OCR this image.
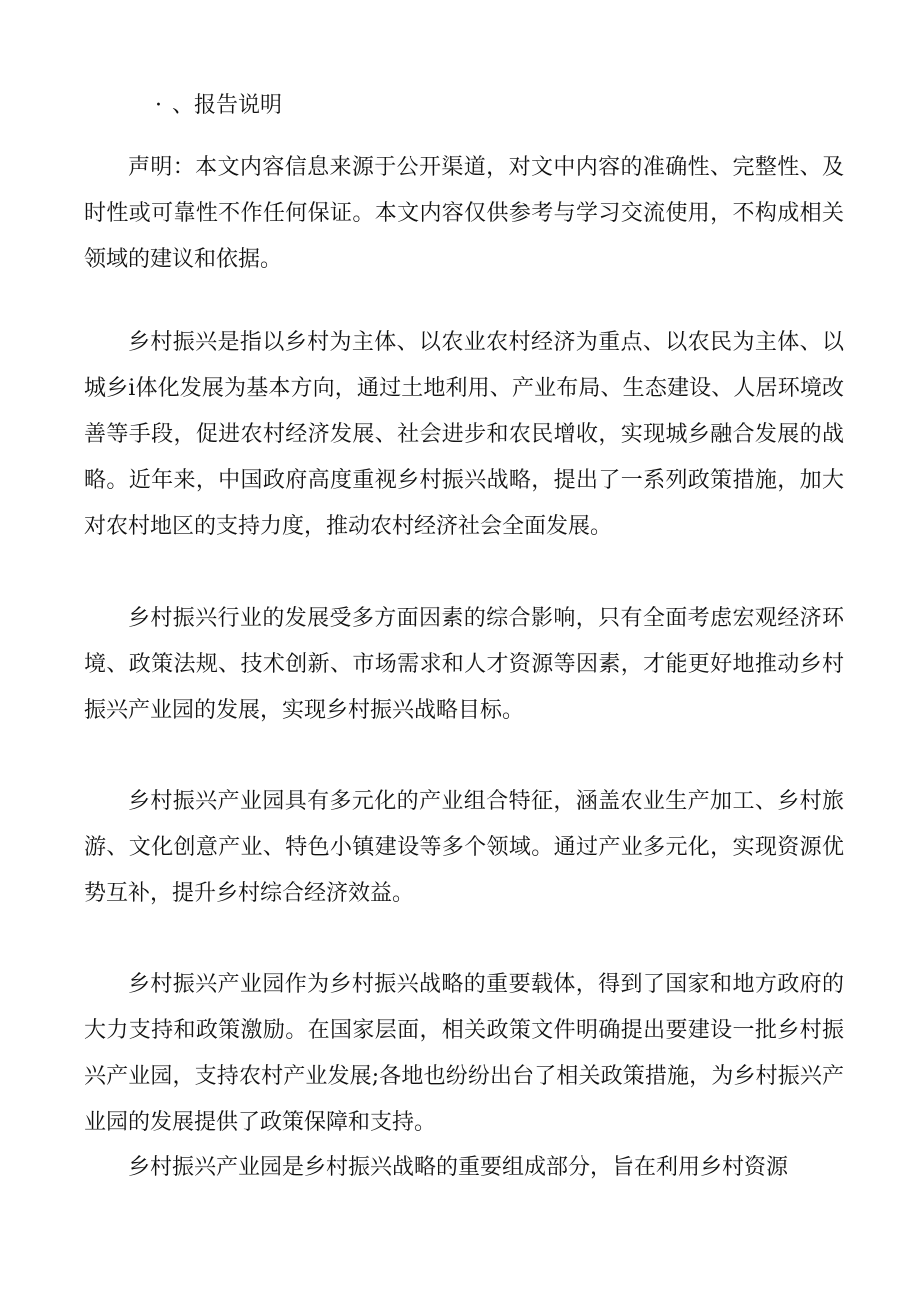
· 、报告说明

声明：本文内容信息来源于公开渠道，对文中内容的准确性、完整性、及时性或可靠性不作任何保证。本文内容仅供参考与学习交流使用，不构成相关领域的建议和依据。

乡村振兴是指以乡村为主体、以农业农村经济为重点、以农民为主体、以城乡i体化发展为基本方向，通过土地利用、产业布局、生态建设、人居环境改善等手段，促进农村经济发展、社会进步和农民增收，实现城乡融合发展的战略。近年来，中国政府高度重视乡村振兴战略，提出了一系列政策措施，加大对农村地区的支持力度，推动农村经济社会全面发展。

乡村振兴行业的发展受多方面因素的综合影响，只有全面考虑宏观经济环境、政策法规、技术创新、市场需求和人才资源等因素，才能更好地推动乡村振兴产业园的发展，实现乡村振兴战略目标。

乡村振兴产业园具有多元化的产业组合特征，涵盖农业生产加工、乡村旅游、文化创意产业、特色小镇建设等多个领域。通过产业多元化，实现资源优势互补，提升乡村综合经济效益。

乡村振兴产业园作为乡村振兴战略的重要载体，得到了国家和地方政府的大力支持和政策激励。在国家层面，相关政策文件明确提出要建设一批乡村振兴产业园，支持农村产业发展;各地也纷纷出台了相关政策措施，为乡村振兴产业园的发展提供了政策保障和支持。

乡村振兴产业园是乡村振兴战略的重要组成部分，旨在利用乡村资源
